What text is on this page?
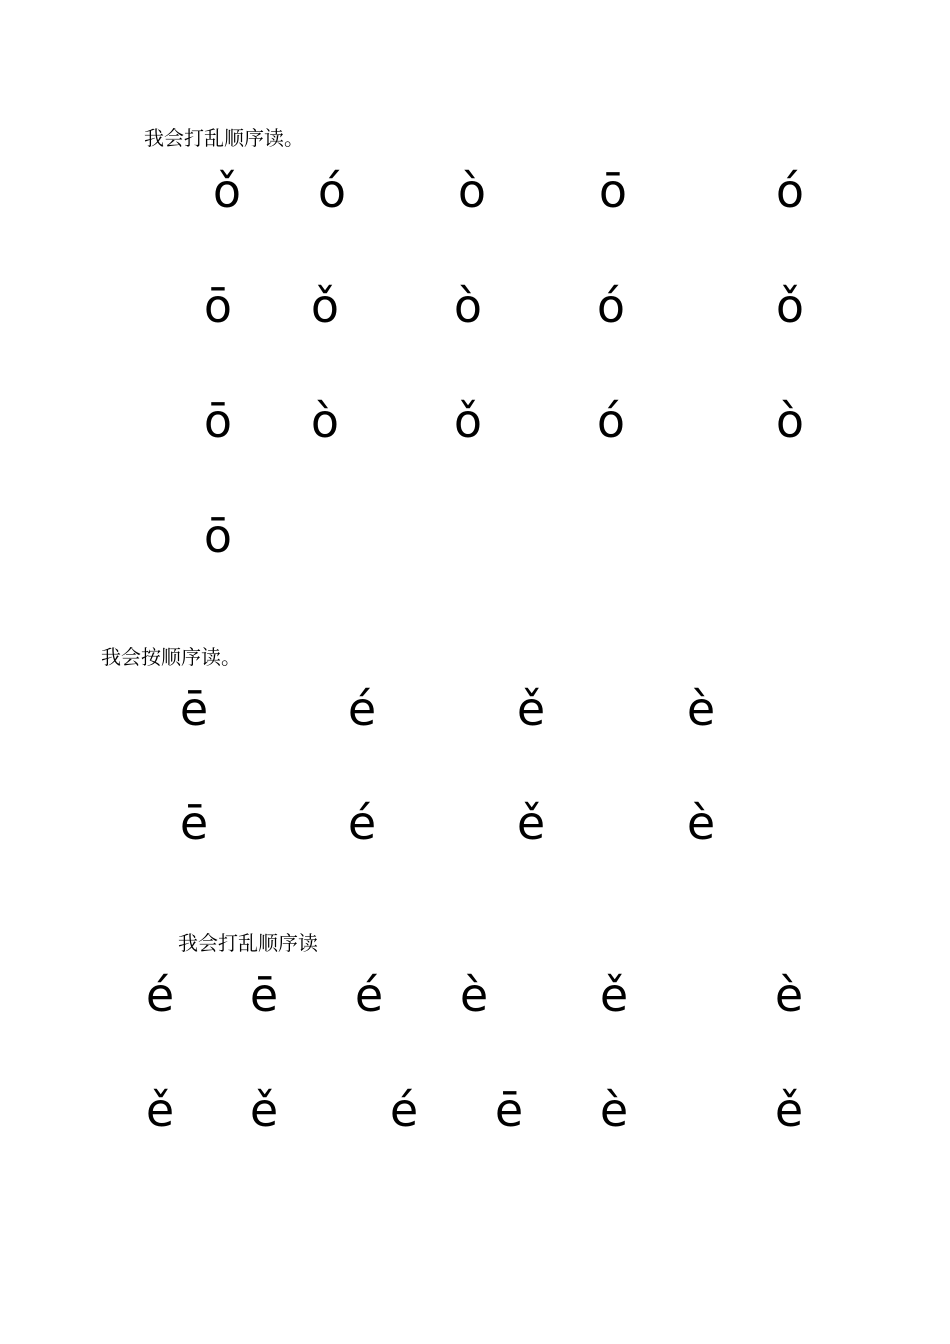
我会打乱顺序读。
ǒ	ó	ò	ō	ó
ō	ǒ	ò	ó	ǒ
ō	ò	ǒ	ó	ò
ō
我会按顺序读。
ē	é	ě	è
ē	é	ě	è
我会打乱顺序读
é	ē	é	è	ě	è
ě	ě	é	ē	è	ě
